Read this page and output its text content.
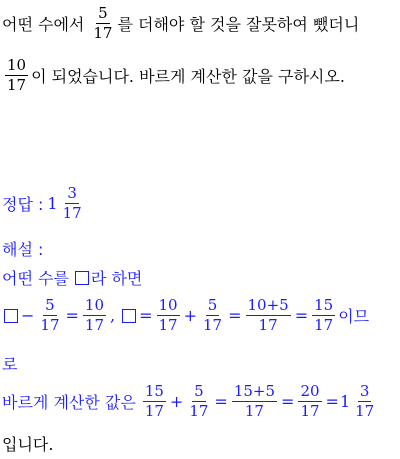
어떤 수에서 $\frac{5}{17}$ 를 더해야 할 것을 잘못하여 뺐더니
$\frac{10}{17}$ 이 되었습니다. 바르게 계산한 값을 구하시오.
정답 : $1 \frac{3}{17}$
해설 :
어떤 수를 라 하면
− $\frac{5}{17} = \frac{10}{17}$ , = $\frac{10}{17} + \frac{5}{17} = \frac{10+5}{17} = \frac{15}{17}$ 이므
로
바르게 계산한 값은 $\frac{15}{17} + \frac{5}{17} = \frac{15+5}{17} = \frac{20}{17} = 1 \frac{3}{17}$
입니다.
